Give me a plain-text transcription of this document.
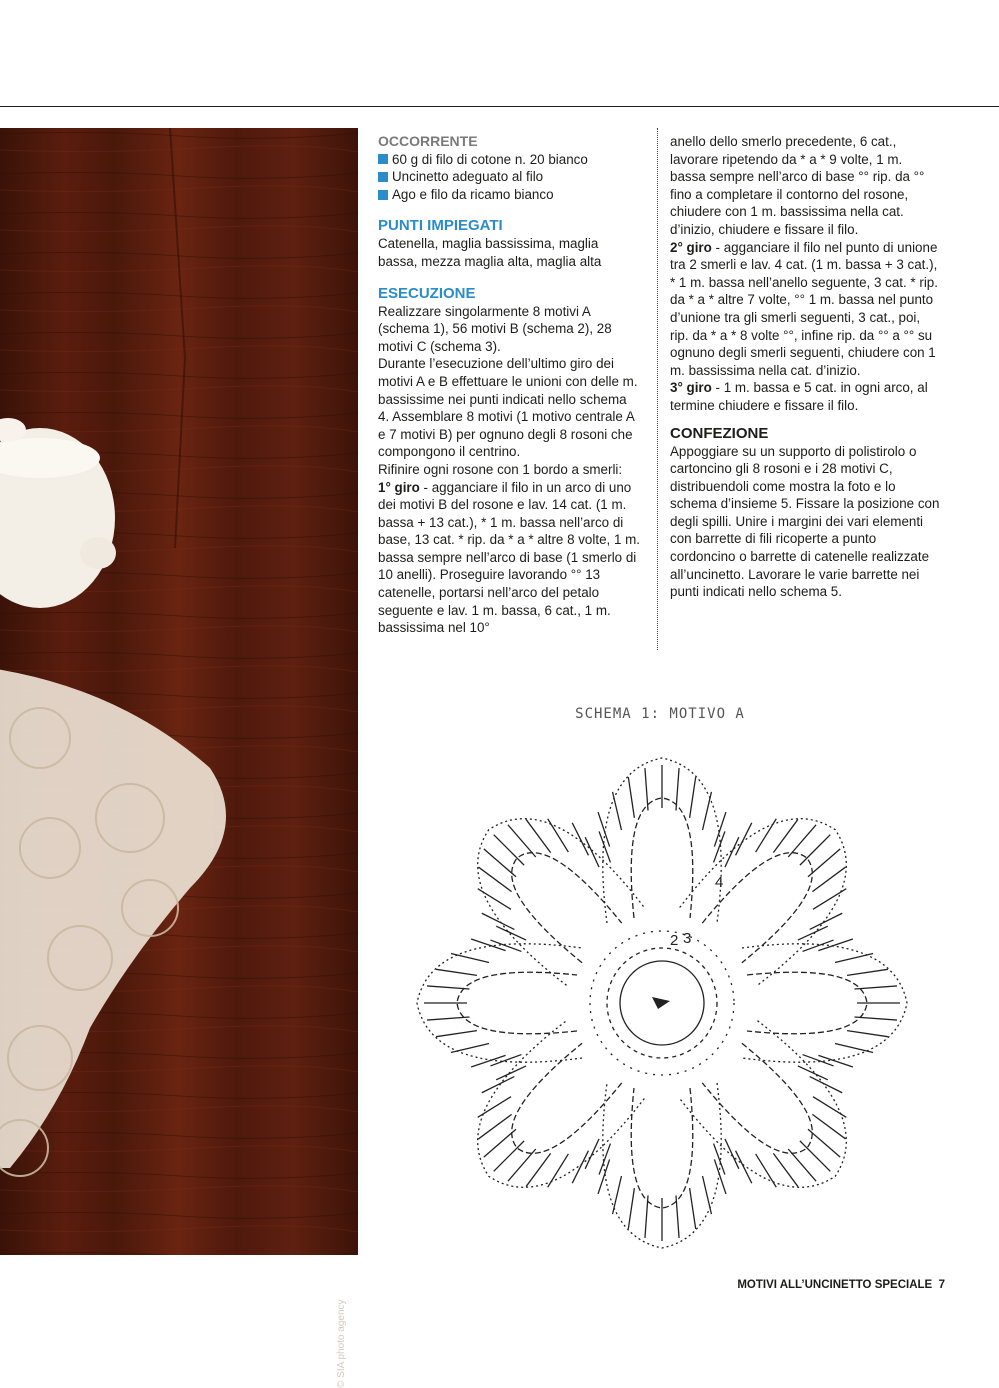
© SIA photo agency

OCCORRENTE

60 g di filo di cotone n. 20 bianco
Uncinetto adeguato al filo
Ago e filo da ricamo bianco

PUNTI IMPIEGATI

Catenella, maglia bassissima, maglia bassa, mezza maglia alta, maglia alta

ESECUZIONE

Realizzare singolarmente 8 motivi A (schema 1), 56 motivi B (schema 2), 28 motivi C (schema 3).

Durante l’esecuzione dell’ultimo giro dei motivi A e B effettuare le unioni con delle m. bassissime nei punti indicati nello schema 4. Assemblare 8 motivi (1 motivo centrale A e 7 motivi B) per ognuno degli 8 rosoni che compongono il centrino.

Rifinire ogni rosone con 1 bordo a smerli:

1° giro - agganciare il filo in un arco di uno dei motivi B del rosone e lav. 14 cat. (1 m. bassa + 13 cat.), * 1 m. bassa nell’arco di base, 13 cat. * rip. da * a * altre 8 volte, 1 m. bassa sempre nell’arco di base (1 smerlo di 10 anelli). Proseguire lavorando °° 13 catenelle, portarsi nell’arco del petalo seguente e lav. 1 m. bassa, 6 cat., 1 m. bassissima nel 10°

anello dello smerlo precedente, 6 cat., lavorare ripetendo da * a * 9 volte, 1 m. bassa sempre nell’arco di base °° rip. da °° fino a completare il contorno del rosone, chiudere con 1 m. bassissima nella cat. d’inizio, chiudere e fissare il filo.

2° giro - agganciare il filo nel punto di unione tra 2 smerli e lav. 4 cat. (1 m. bassa + 3 cat.), * 1 m. bassa nell’anello seguente, 3 cat. * rip. da * a * altre 7 volte, °° 1 m. bassa nel punto d’unione tra gli smerli seguenti, 3 cat., poi, rip. da * a * 8 volte °°, infine rip. da °° a °° su ognuno degli smerli seguenti, chiudere con 1 m. bassissima nella cat. d’inizio.

3° giro - 1 m. bassa e 5 cat. in ogni arco, al termine chiudere e fissare il filo.

CONFEZIONE

Appoggiare su un supporto di polistirolo o cartoncino gli 8 rosoni e i 28 motivi C, distribuendoli come mostra la foto e lo schema d’insieme 5. Fissare la posizione con degli spilli. Unire i margini dei vari elementi con barrette di fili ricoperte a punto cordoncino o barrette di catenelle realizzate all’uncinetto. Lavorare le varie barrette nei punti indicati nello schema 5.

SCHEMA 1: MOTIVO A
2 3
4
MOTIVI ALL’UNCINETTO SPECIALE 7
